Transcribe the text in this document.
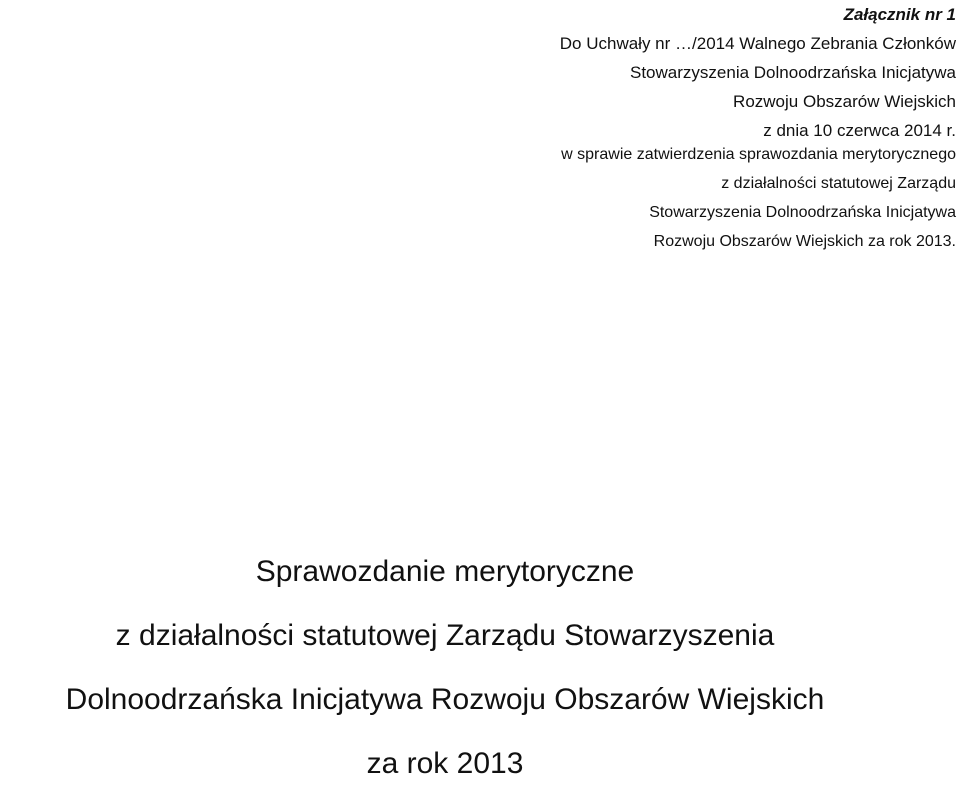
Załącznik nr 1
Do Uchwały nr …/2014 Walnego Zebrania Członków
Stowarzyszenia Dolnoodrzańska Inicjatywa
Rozwoju Obszarów Wiejskich
z dnia 10 czerwca 2014 r.
w sprawie zatwierdzenia sprawozdania merytorycznego
z działalności statutowej Zarządu
Stowarzyszenia Dolnoodrzańska Inicjatywa
Rozwoju Obszarów Wiejskich za rok 2013.
Sprawozdanie merytoryczne
z działalności statutowej Zarządu Stowarzyszenia
Dolnoodrzańska Inicjatywa Rozwoju Obszarów Wiejskich
za rok 2013
